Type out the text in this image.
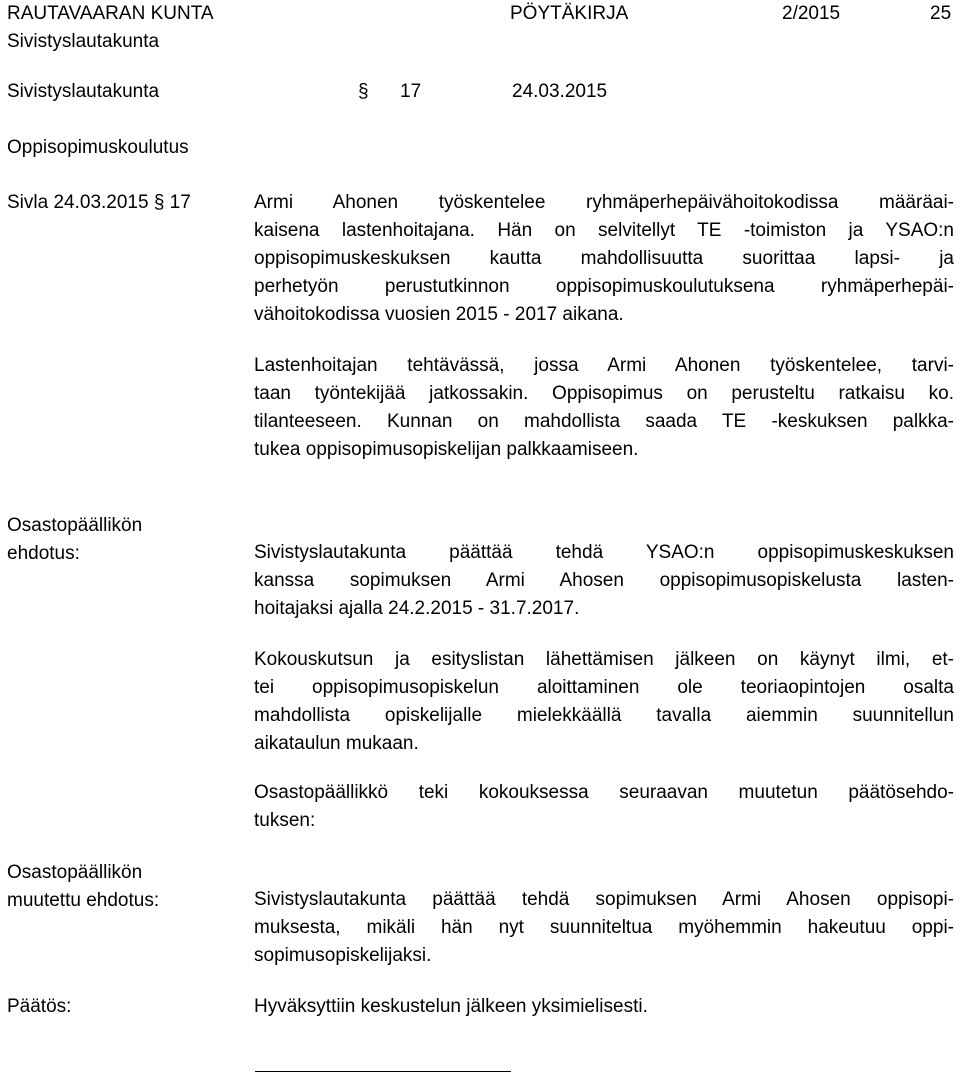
RAUTAVAARAN KUNTA	PÖYTÄKIRJA	2/2015	25
Sivistyslautakunta
Sivistyslautakunta	§ 17	24.03.2015
Oppisopimuskoulutus
Sivla 24.03.2015 § 17	Armi Ahonen työskentelee ryhmäperhepäivähoitokodissa määräai-
kaisena lastenhoitajana. Hän on selvitellyt TE -toimiston ja YSAO:n
oppisopimuskeskuksen kautta mahdollisuutta suorittaa lapsi- ja
perhetyön perustutkinnon oppisopimuskoulutuksena ryhmäperhepäi-
vähoitokodissa vuosien 2015 - 2017 aikana.
Lastenhoitajan tehtävässä, jossa Armi Ahonen työskentelee, tarvi-
taan työntekijää jatkossakin. Oppisopimus on perusteltu ratkaisu ko.
tilanteeseen. Kunnan on mahdollista saada TE -keskuksen palkka-
tukea oppisopimusopiskelijan palkkaamiseen.
Osastopäällikön
ehdotus:	Sivistyslautakunta päättää tehdä YSAO:n oppisopimuskeskuksen
kanssa sopimuksen Armi Ahosen oppisopimusopiskelusta lasten-
hoitajaksi ajalla 24.2.2015 - 31.7.2017.
Kokouskutsun ja esityslistan lähettämisen jälkeen on käynyt ilmi, et-
tei oppisopimusopiskelun aloittaminen ole teoriaopintojen osalta
mahdollista opiskelijalle mielekkäällä tavalla aiemmin suunnitellun
aikataulun mukaan.
Osastopäällikkö teki kokouksessa seuraavan muutetun päätösehdo-
tuksen:
Osastopäällikön
muutettu ehdotus:	Sivistyslautakunta päättää tehdä sopimuksen Armi Ahosen oppisopi-
muksesta, mikäli hän nyt suunniteltua myöhemmin hakeutuu oppi-
sopimusopiskelijaksi.
Päätös:	Hyväksyttiin keskustelun jälkeen yksimielisesti.
